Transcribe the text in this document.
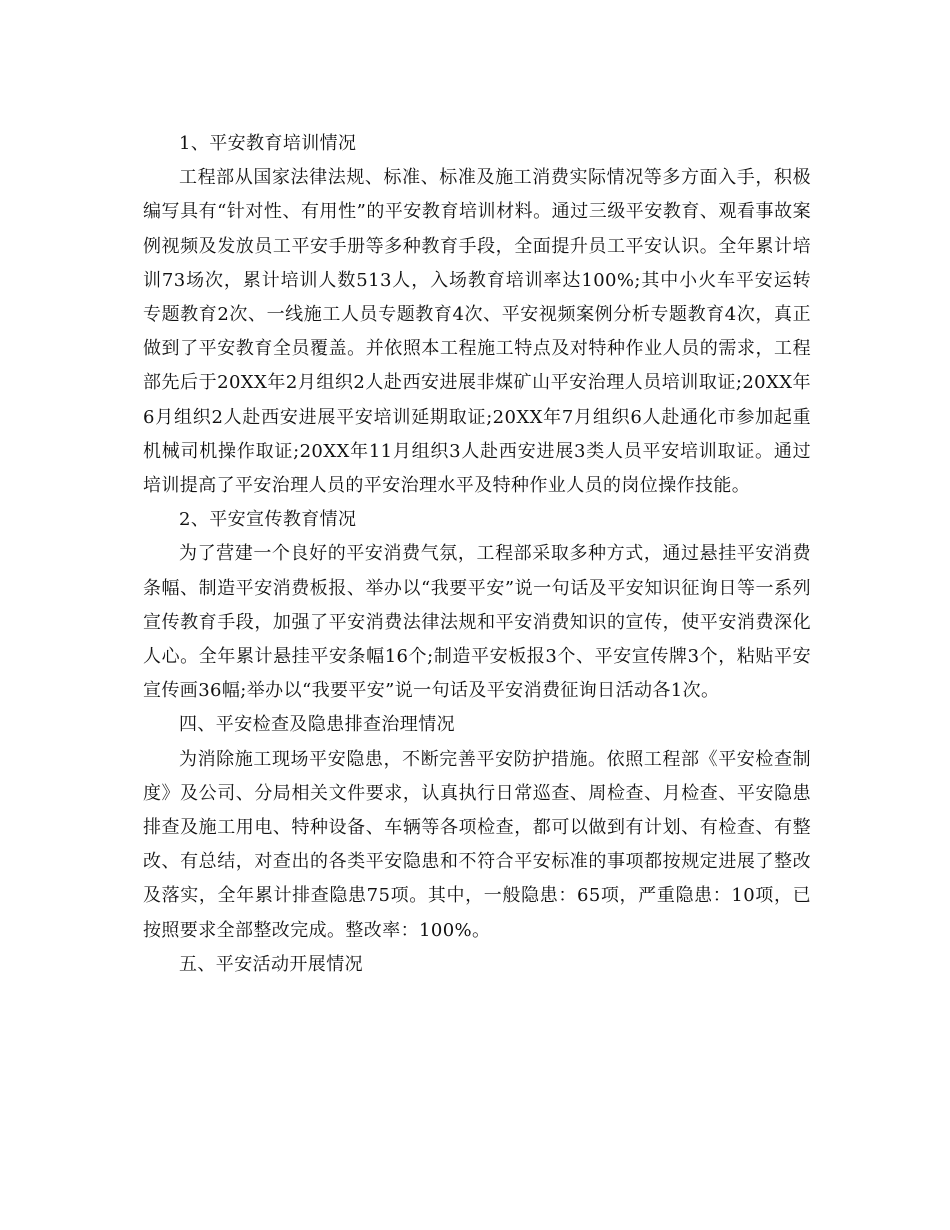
1、平安教育培训情况

工程部从国家法律法规、标准、标准及施工消费实际情况等多方面入手，积极编写具有“针对性、有用性”的平安教育培训材料。通过三级平安教育、观看事故案例视频及发放员工平安手册等多种教育手段，全面提升员工平安认识。全年累计培训73场次，累计培训人数513人，入场教育培训率达100%;其中小火车平安运转专题教育2次、一线施工人员专题教育4次、平安视频案例分析专题教育4次，真正做到了平安教育全员覆盖。并依照本工程施工特点及对特种作业人员的需求，工程部先后于20XX年2月组织2人赴西安进展非煤矿山平安治理人员培训取证;20XX年6月组织2人赴西安进展平安培训延期取证;20XX年7月组织6人赴通化市参加起重机械司机操作取证;20XX年11月组织3人赴西安进展3类人员平安培训取证。通过培训提高了平安治理人员的平安治理水平及特种作业人员的岗位操作技能。

2、平安宣传教育情况

为了营建一个良好的平安消费气氛，工程部采取多种方式，通过悬挂平安消费条幅、制造平安消费板报、举办以“我要平安”说一句话及平安知识征询日等一系列宣传教育手段，加强了平安消费法律法规和平安消费知识的宣传，使平安消费深化人心。全年累计悬挂平安条幅16个;制造平安板报3个、平安宣传牌3个，粘贴平安宣传画36幅;举办以“我要平安”说一句话及平安消费征询日活动各1次。

四、平安检查及隐患排查治理情况

为消除施工现场平安隐患，不断完善平安防护措施。依照工程部《平安检查制度》及公司、分局相关文件要求，认真执行日常巡查、周检查、月检查、平安隐患排查及施工用电、特种设备、车辆等各项检查，都可以做到有计划、有检查、有整改、有总结，对查出的各类平安隐患和不符合平安标准的事项都按规定进展了整改及落实，全年累计排查隐患75项。其中，一般隐患：65项，严重隐患：10项，已按照要求全部整改完成。整改率：100%。

五、平安活动开展情况
